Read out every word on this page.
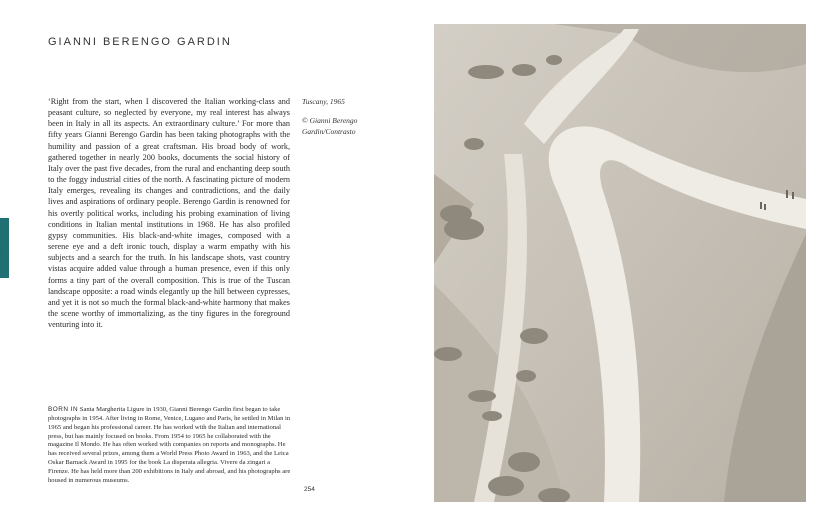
TRAVEL
GIANNI BERENGO GARDIN

Tuscany, 1965

© Gianni Berengo Gardin/Contrasto

‘Right from the start, when I discovered the Italian working-class and peasant culture, so neglected by everyone, my real interest has always been in Italy in all its aspects. An extraordinary culture.’ For more than fifty years Gianni Berengo Gardin has been taking photographs with the humility and passion of a great craftsman. His broad body of work, gathered together in nearly 200 books, documents the social history of Italy over the past five decades, from the rural and enchanting deep south to the foggy industrial cities of the north. A fascinating picture of modern Italy emerges, revealing its changes and contradictions, and the daily lives and aspirations of ordinary people. Berengo Gardin is renowned for his overtly political works, including his probing examination of living conditions in Italian mental institutions in 1968. He has also profiled gypsy communities. His black-and-white images, composed with a serene eye and a deft ironic touch, display a warm empathy with his subjects and a search for the truth. In his landscape shots, vast country vistas acquire added value through a human presence, even if this only forms a tiny part of the overall composition. This is true of the Tuscan landscape opposite: a road winds elegantly up the hill between cypresses, and yet it is not so much the formal black-and-white harmony that makes the scene worthy of immortalizing, as the tiny figures in the foreground venturing into it.

BORN IN Santa Margherita Ligure in 1930, Gianni Berengo Gardin first began to take photographs in 1954. After living in Rome, Venice, Lugano and Paris, he settled in Milan in 1965 and began his professional career. He has worked with the Italian and international press, but has mainly focused on books. From 1954 to 1965 he collaborated with the magazine Il Mondo. He has often worked with companies on reports and monographs. He has received several prizes, among them a World Press Photo Award in 1963, and the Leica Oskar Barnack Award in 1995 for the book La disperata allegria. Vivere da zingari a Firenze. He has held more than 200 exhibitions in Italy and abroad, and his photographs are housed in numerous museums.

254
